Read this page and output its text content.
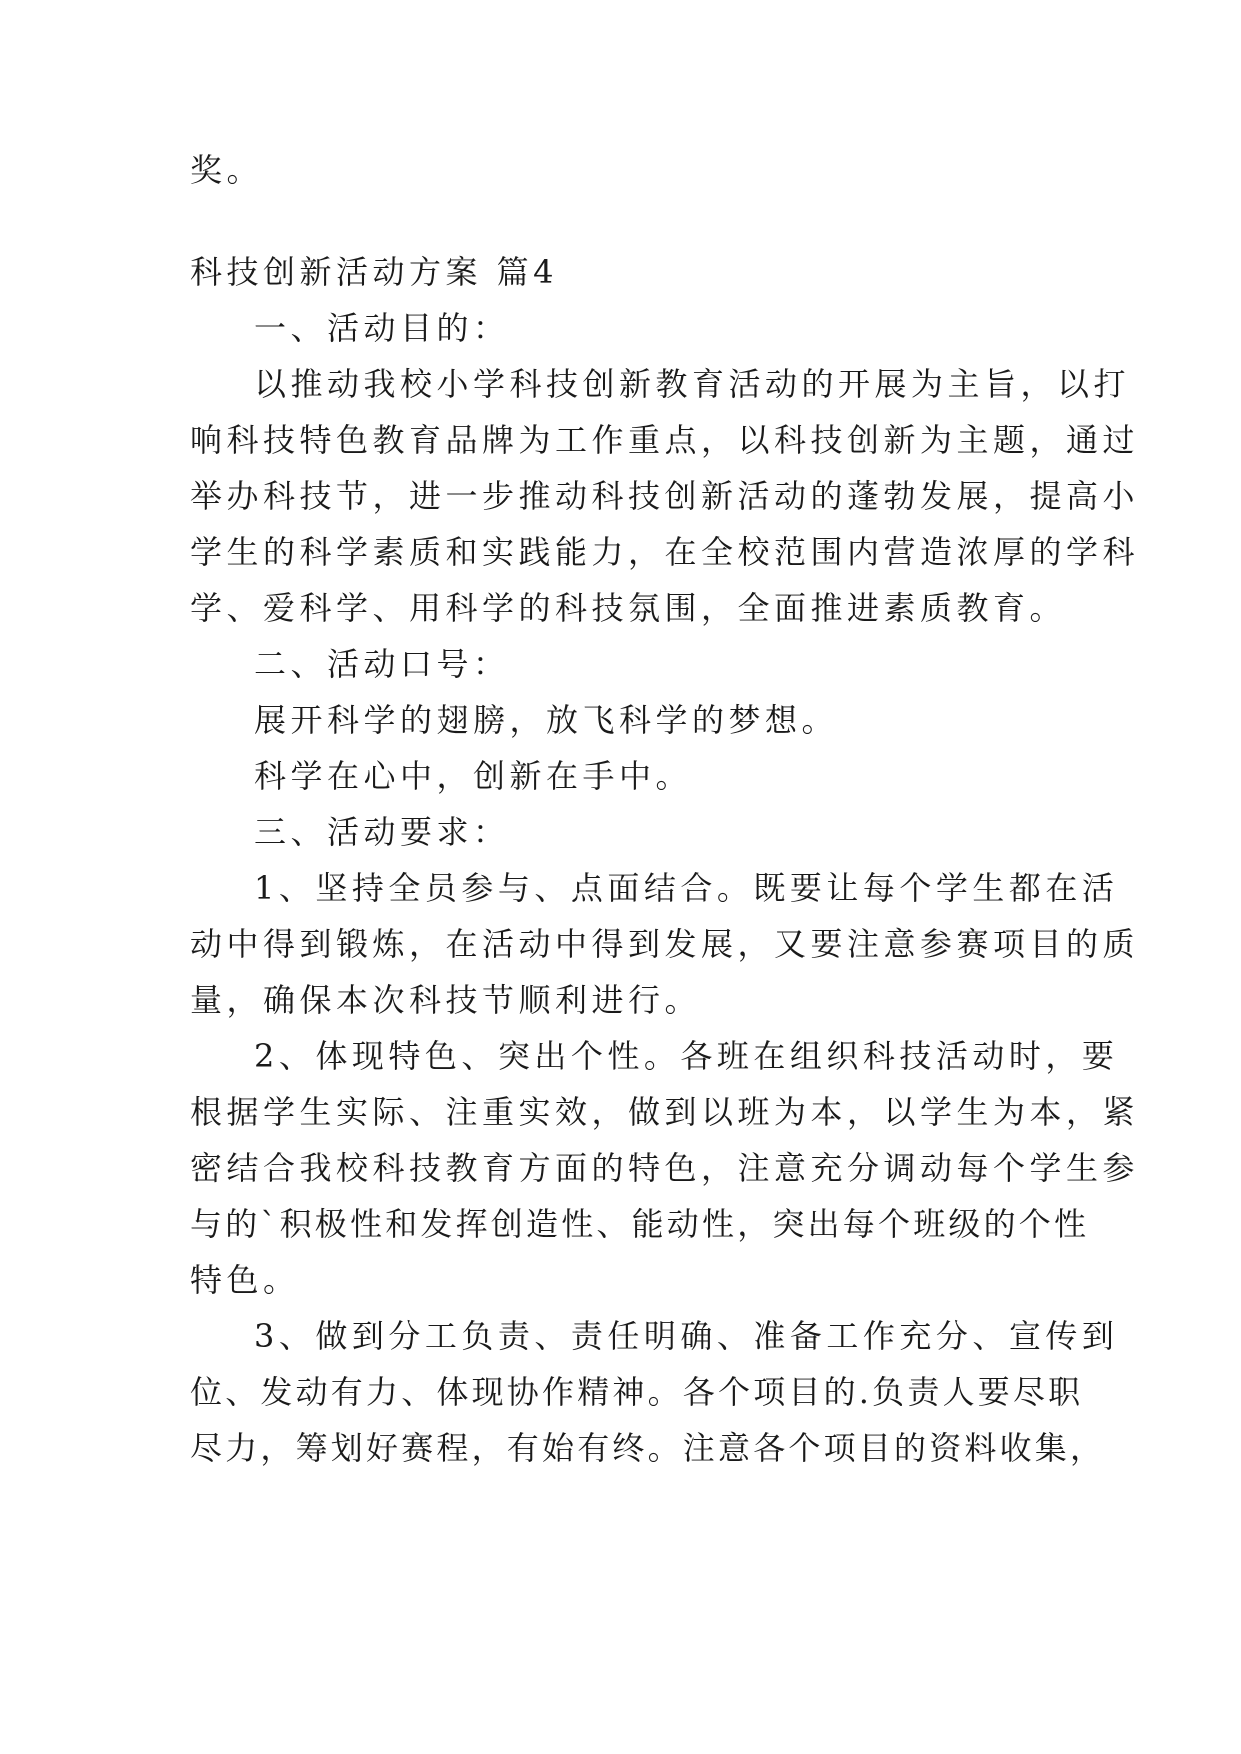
奖。
科技创新活动方案 篇4
一、活动目的：
以推动我校小学科技创新教育活动的开展为主旨，以打
响科技特色教育品牌为工作重点，以科技创新为主题，通过
举办科技节，进一步推动科技创新活动的蓬勃发展，提高小
学生的科学素质和实践能力，在全校范围内营造浓厚的学科
学、爱科学、用科学的科技氛围，全面推进素质教育。
二、活动口号：
展开科学的翅膀，放飞科学的梦想。
科学在心中，创新在手中。
三、活动要求：
1、坚持全员参与、点面结合。既要让每个学生都在活
动中得到锻炼，在活动中得到发展，又要注意参赛项目的质
量，确保本次科技节顺利进行。
2、体现特色、突出个性。各班在组织科技活动时，要
根据学生实际、注重实效，做到以班为本，以学生为本，紧
密结合我校科技教育方面的特色，注意充分调动每个学生参
与的`积极性和发挥创造性、能动性，突出每个班级的个性
特色。
3、做到分工负责、责任明确、准备工作充分、宣传到
位、发动有力、体现协作精神。各个项目的.负责人要尽职
尽力，筹划好赛程，有始有终。注意各个项目的资料收集，
